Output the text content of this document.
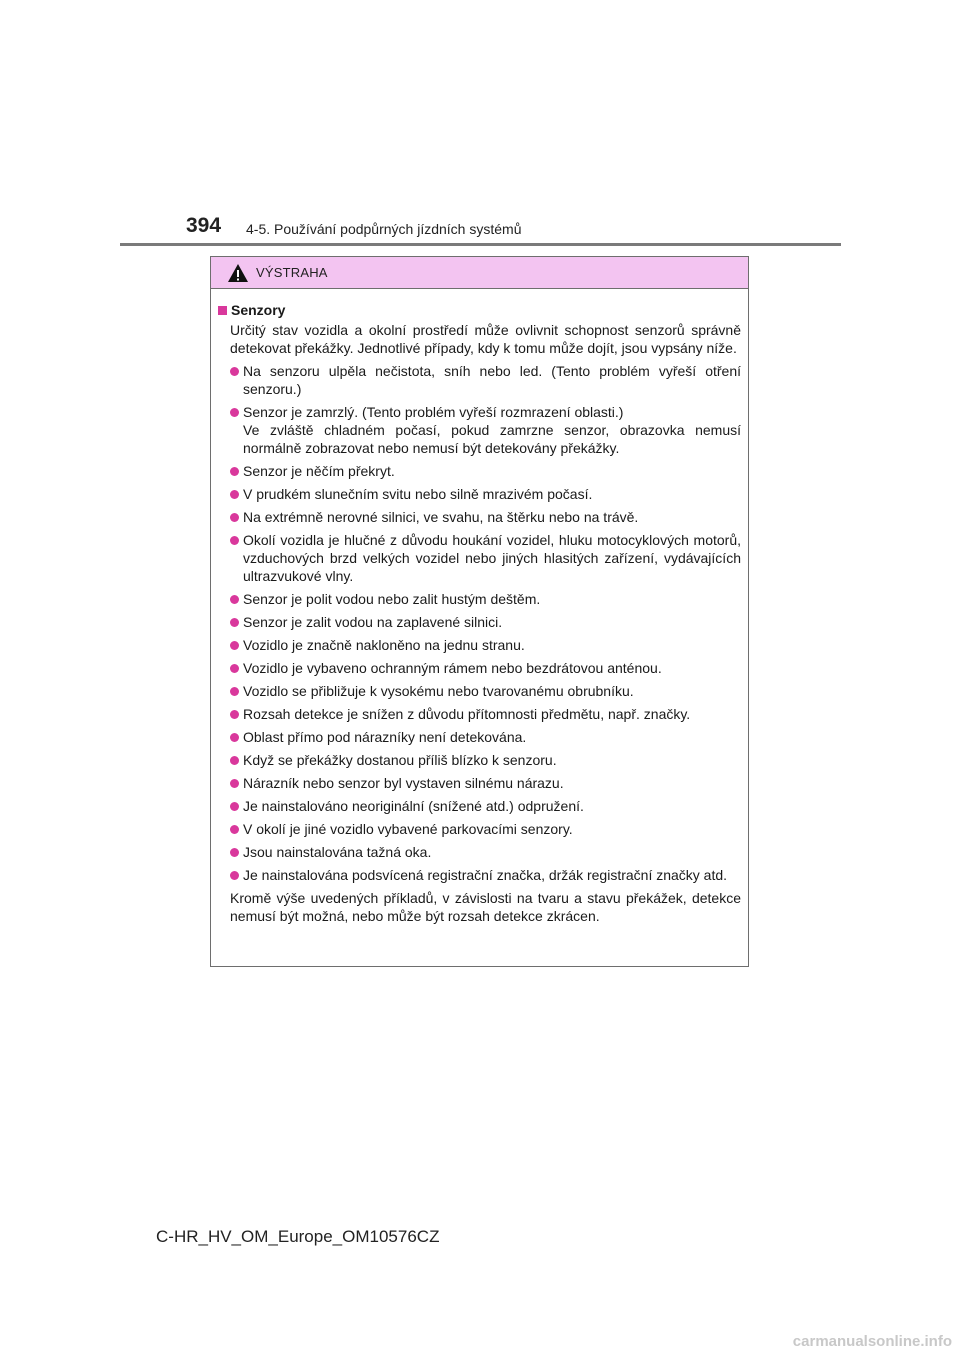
394 4-5. Používání podpůrných jízdních systémů
VÝSTRAHA
Senzory

Určitý stav vozidla a okolní prostředí může ovlivnit schopnost senzorů správně detekovat překážky. Jednotlivé případy, kdy k tomu může dojít, jsou vypsány níže.

Na senzoru ulpěla nečistota, sníh nebo led. (Tento problém vyřeší otření senzoru.)
Senzor je zamrzlý. (Tento problém vyřeší rozmrazení oblasti.)
Ve zvláště chladném počasí, pokud zamrzne senzor, obrazovka nemusí normálně zobrazovat nebo nemusí být detekovány překážky.
Senzor je něčím překryt.
V prudkém slunečním svitu nebo silně mrazivém počasí.
Na extrémně nerovné silnici, ve svahu, na štěrku nebo na trávě.
Okolí vozidla je hlučné z důvodu houkání vozidel, hluku motocyklových motorů, vzduchových brzd velkých vozidel nebo jiných hlasitých zařízení, vydávajících ultrazvukové vlny.
Senzor je polit vodou nebo zalit hustým deštěm.
Senzor je zalit vodou na zaplavené silnici.
Vozidlo je značně nakloněno na jednu stranu.
Vozidlo je vybaveno ochranným rámem nebo bezdrátovou anténou.
Vozidlo se přibližuje k vysokému nebo tvarovanému obrubníku.
Rozsah detekce je snížen z důvodu přítomnosti předmětu, např. značky.
Oblast přímo pod nárazníky není detekována.
Když se překážky dostanou příliš blízko k senzoru.
Nárazník nebo senzor byl vystaven silnému nárazu.
Je nainstalováno neoriginální (snížené atd.) odpružení.
V okolí je jiné vozidlo vybavené parkovacími senzory.
Jsou nainstalována tažná oka.
Je nainstalována podsvícená registrační značka, držák registrační značky atd.

Kromě výše uvedených příkladů, v závislosti na tvaru a stavu překážek, detekce nemusí být možná, nebo může být rozsah detekce zkrácen.

C-HR_HV_OM_Europe_OM10576CZ
carmanualsonline.info
